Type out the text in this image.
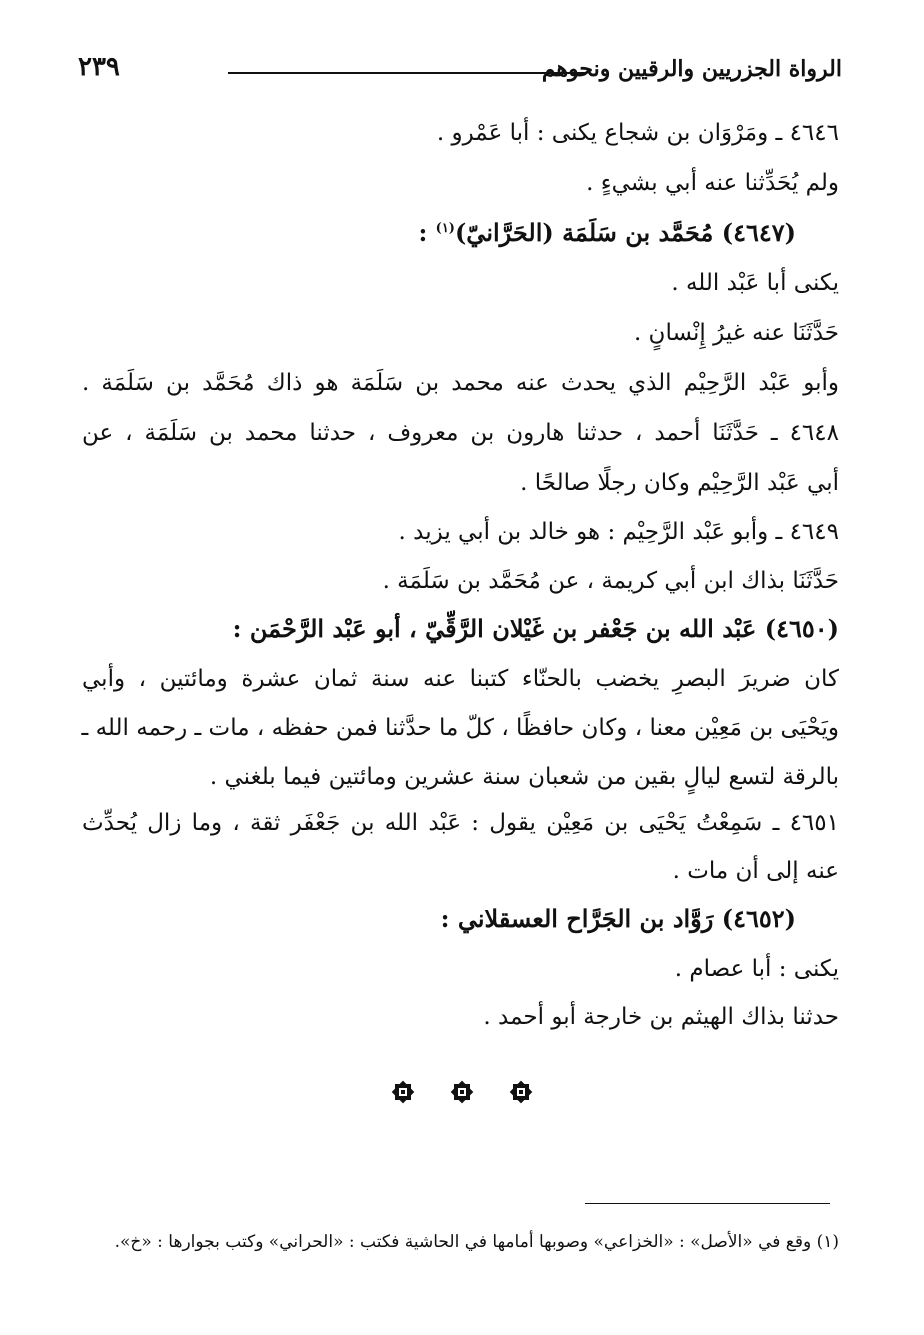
الرواة الجزريين والرقيين ونحوهم
٢٣٩
٤٦٤٦ ـ ومَرْوَان بن شجاع يكنى : أبا عَمْرو .
ولم يُحَدِّثنا عنه أبي بشيءٍ .
(٤٦٤٧) مُحَمَّد بن سَلَمَة (الحَرَّانيّ)$^{(١)}$ :
يكنى أبا عَبْد الله .
حَدَّثَنَا عنه غيرُ إِنْسانٍ .
وأبو عَبْد الرَّحِيْم الذي يحدث عنه محمد بن سَلَمَة هو ذاك مُحَمَّد بن سَلَمَة .
٤٦٤٨ ـ حَدَّثَنَا أحمد ، حدثنا هارون بن معروف ، حدثنا محمد بن سَلَمَة ، عن
أبي عَبْد الرَّحِيْم وكان رجلًا صالحًا .
٤٦٤٩ ـ وأبو عَبْد الرَّحِيْم : هو خالد بن أبي يزيد .
حَدَّثَنَا بذاك ابن أبي كريمة ، عن مُحَمَّد بن سَلَمَة .
(٤٦٥٠) عَبْد الله بن جَعْفر بن غَيْلان الرَّقِّيّ ، أبو عَبْد الرَّحْمَن :
كان ضريرَ البصرِ يخضب بالحنّاء كتبنا عنه سنة ثمان عشرة ومائتين ، وأبي
ويَحْيَى بن مَعِيْن معنا ، وكان حافظًا ، كلّ ما حدَّثنا فمن حفظه ، مات ـ رحمه الله ـ
بالرقة لتسع ليالٍ بقين من شعبان سنة عشرين ومائتين فيما بلغني .
٤٦٥١ ـ سَمِعْتُ يَحْيَى بن مَعِيْن يقول : عَبْد الله بن جَعْفَر ثقة ، وما زال يُحدِّث
عنه إلى أن مات .
(٤٦٥٢) رَوَّاد بن الجَرَّاح العسقلاني :
يكنى : أبا عصام .
حدثنا بذاك الهيثم بن خارجة أبو أحمد .

(١) وقع في «الأصل» : «الخزاعي» وصوبها أمامها في الحاشية فكتب : «الحراني» وكتب بجوارها : «خ».
